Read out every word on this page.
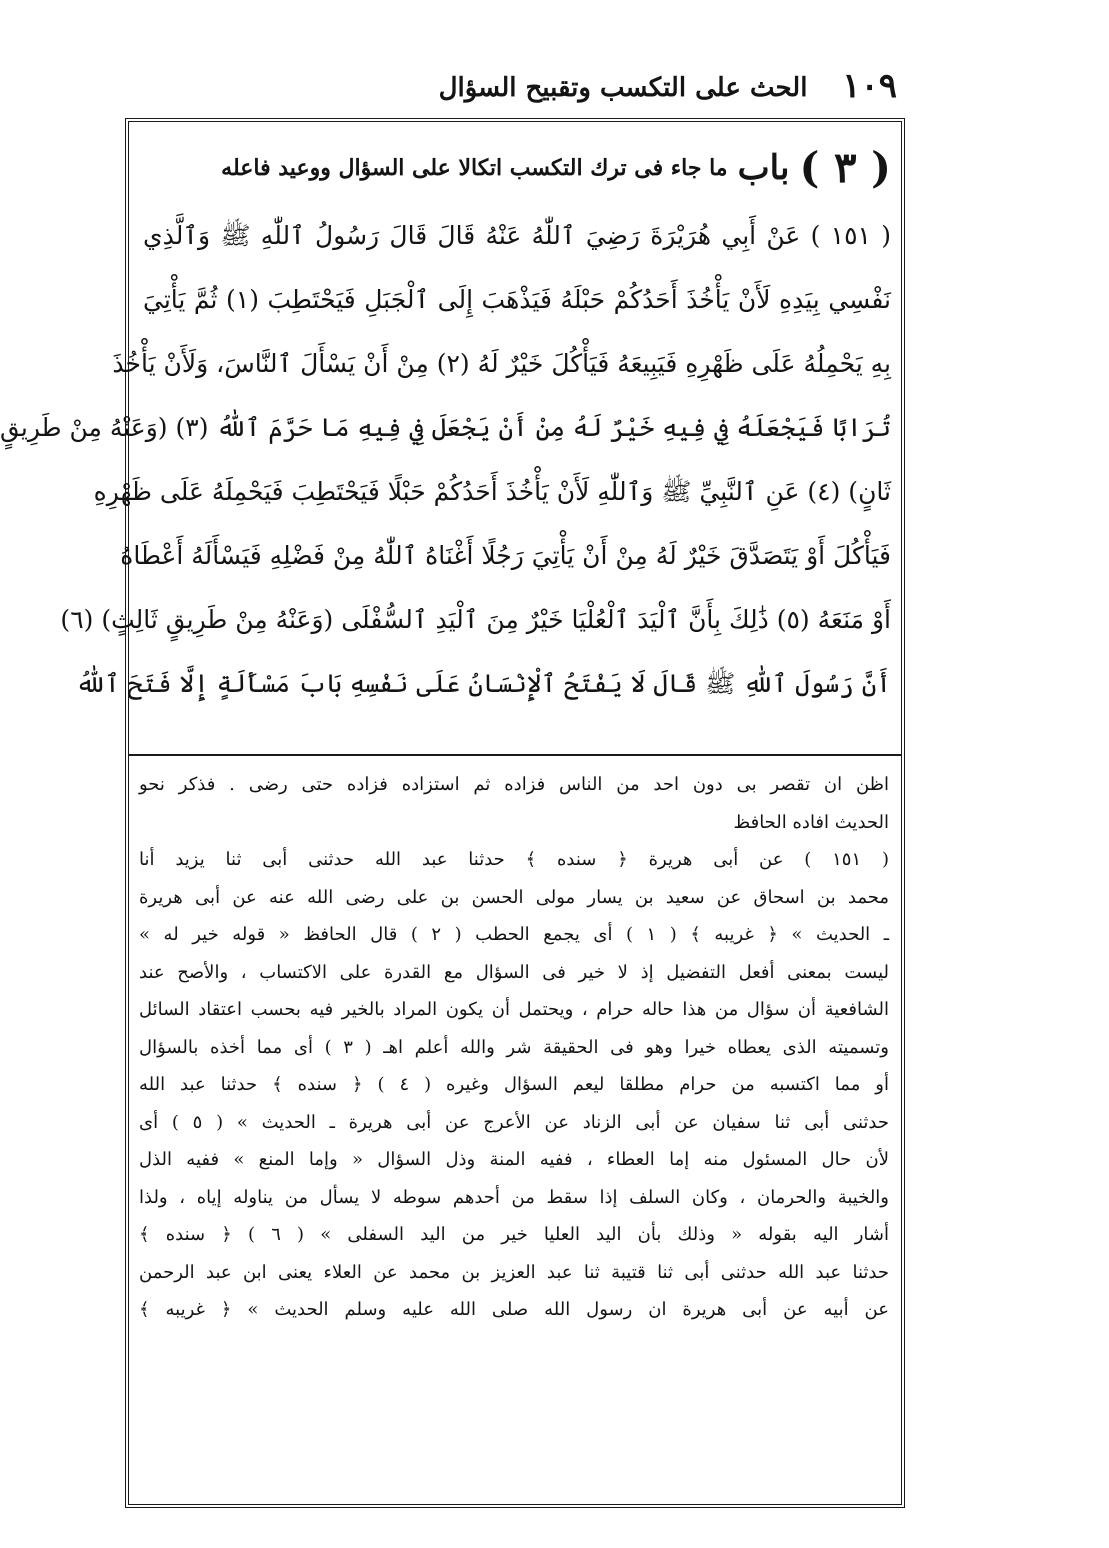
١٠٩
الحث على التكسب وتقبيح السؤال
( ٣ )
باب
ما جاء فى ترك التكسب اتكالا على السؤال ووعيد فاعله
( ١٥١ ) عَنْ أَبِي هُرَيْرَةَ رَضِيَ ٱللّٰهُ عَنْهُ قَالَ قَالَ رَسُولُ ٱللّٰهِ ﷺ وَٱلَّذِي
نَفْسِي بِيَدِهِ لَأَنْ يَأْخُذَ أَحَدُكُمْ حَبْلَهُ فَيَذْهَبَ إِلَى ٱلْجَبَلِ فَيَحْتَطِبَ (١) ثُمَّ يَأْتِيَ
بِهِ يَحْمِلُهُ عَلَى ظَهْرِهِ فَيَبِيعَهُ فَيَأْكُلَ خَيْرٌ لَهُ (٢) مِنْ أَنْ يَسْأَلَ ٱلنَّاسَ، وَلَأَنْ يَأْخُذَ
تُرَابًا فَيَجْعَلَهُ فِي فِيهِ خَيْرٌ لَهُ مِنْ أَنْ يَجْعَلَ فِي فِيهِ مَا حَرَّمَ ٱللّٰهُ (٣) (وَعَنْهُ مِنْ طَرِيقٍ
ثَانٍ) (٤) عَنِ ٱلنَّبِيِّ ﷺ وَٱللّٰهِ لَأَنْ يَأْخُذَ أَحَدُكُمْ حَبْلًا فَيَحْتَطِبَ فَيَحْمِلَهُ عَلَى ظَهْرِهِ
فَيَأْكُلَ أَوْ يَتَصَدَّقَ خَيْرٌ لَهُ مِنْ أَنْ يَأْتِيَ رَجُلًا أَغْنَاهُ ٱللّٰهُ مِنْ فَضْلِهِ فَيَسْأَلَهُ أَعْطَاهُ
أَوْ مَنَعَهُ (٥) ذَٰلِكَ بِأَنَّ ٱلْيَدَ ٱلْعُلْيَا خَيْرٌ مِنَ ٱلْيَدِ ٱلسُّفْلَى (وَعَنْهُ مِنْ طَرِيقٍ ثَالِثٍ) (٦)
أَنَّ رَسُولَ ٱللّٰهِ ﷺ قَالَ لَا يَفْتَحُ ٱلْإِنْسَانُ عَلَى نَفْسِهِ بَابَ مَسْأَلَةٍ إِلَّا فَتَحَ ٱللّٰهُ
اظن ان تقصر بى دون احد من الناس فزاده ثم استزاده فزاده حتى رضى . فذكر نحو
الحديث افاده الحافظ
( ١٥١ ) عن أبى هريرة ﴿ سنده ﴾ حدثنا عبد الله حدثنى أبى ثنا يزيد أنا
محمد بن اسحاق عن سعيد بن يسار مولى الحسن بن على رضى الله عنه عن أبى هريرة
ـ الحديث » ﴿ غريبه ﴾ ( ١ ) أى يجمع الحطب ( ٢ ) قال الحافظ « قوله خير له »
ليست بمعنى أفعل التفضيل إذ لا خير فى السؤال مع القدرة على الاكتساب ، والأصح عند
الشافعية أن سؤال من هذا حاله حرام ، ويحتمل أن يكون المراد بالخير فيه بحسب اعتقاد السائل
وتسميته الذى يعطاه خيرا وهو فى الحقيقة شر والله أعلم اهـ ( ٣ ) أى مما أخذه بالسؤال
أو مما اكتسبه من حرام مطلقا ليعم السؤال وغيره ( ٤ ) ﴿ سنده ﴾ حدثنا عبد الله
حدثنى أبى ثنا سفيان عن أبى الزناد عن الأعرج عن أبى هريرة ـ الحديث » ( ٥ ) أى
لأن حال المسئول منه إما العطاء ، ففيه المنة وذل السؤال « وإما المنع » ففيه الذل
والخيبة والحرمان ، وكان السلف إذا سقط من أحدهم سوطه لا يسأل من يناوله إياه ، ولذا
أشار اليه بقوله « وذلك بأن اليد العليا خير من اليد السفلى » ( ٦ ) ﴿ سنده ﴾
حدثنا عبد الله حدثنى أبى ثنا قتيبة ثنا عبد العزيز بن محمد عن العلاء يعنى ابن عبد الرحمن
عن أبيه عن أبى هريرة ان رسول الله صلى الله عليه وسلم الحديث » ﴿ غريبه ﴾
